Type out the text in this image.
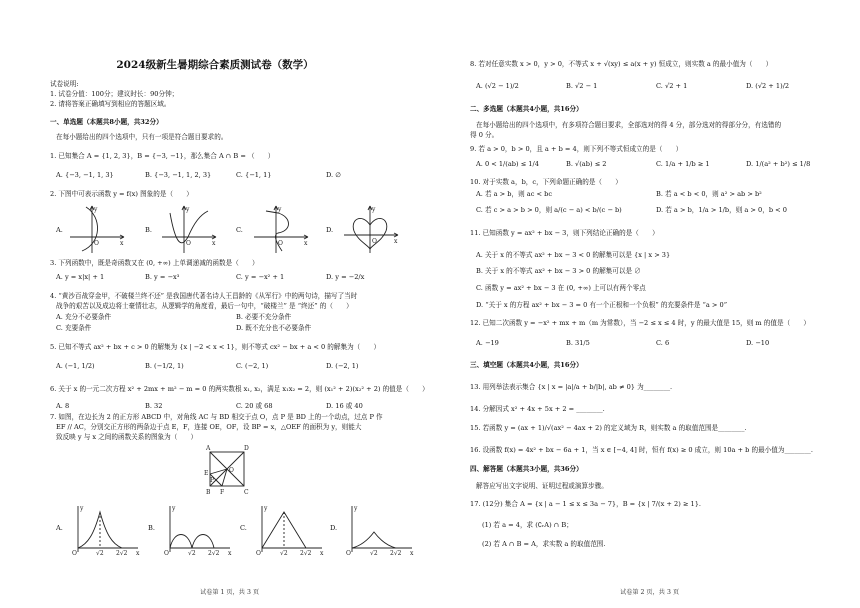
2024级新生暑期综合素质测试卷（数学）
试卷说明:
1. 试卷分值：100分；建议时长：90分钟；
2. 请将答案正确填写到相应的答题区域。
一、单选题（本题共8小题，共32分）
在每小题给出的四个选项中，只有一项是符合题目要求的。
1. 已知集合 A = {1, 2, 3}，B = {−3, −1}，那么集合 A ∩ B = （　　）
A. {−3, −1, 1, 3}	B. {−3, −1, 1, 2, 3}	C. {−1, 1}	D. ∅
2. 下图中可表示函数 y = f(x) 图象的是（　　）
A.	B.	C.	D.
O	x
y
O	x
y
O	x
y
O	x
y
3. 下列函数中，既是奇函数又在 (0, +∞) 上单调递减的函数是（　　）
A. y = x|x| + 1	B. y = −x³	C. y = −x² + 1	D. y = −2/x
4. “黄沙百战穿金甲，不破楼兰终不还” 是我国唐代著名诗人王昌龄的《从军行》中的两句诗，描写了当时
战争的艰苦以及成边将士豪情壮志，从逻辑学的角度看，最后一句中，“破楼兰” 是 “终还” 的（　　）
A. 充分不必要条件	B. 必要不充分条件
C. 充要条件	D. 既不充分也不必要条件
5. 已知不等式 ax² + bx + c > 0 的解集为 {x | −2 < x < 1}，则不等式 cx² − bx + a < 0 的解集为（　　）
A. (−1, 1/2)	B. (−1/2, 1)	C. (−2, 1)	D. (−2, 1)
6. 关于 x 的一元二次方程 x² + 2mx + m² − m = 0 的两实数根 x₁, x₂，满足 x₁x₂ = 2，则 (x₁² + 2)(x₂² + 2) 的值是（　　）
A. 8	B. 32	C. 20 或 68	D. 16 或 40
7. 如图，在边长为 2 的正方形 ABCD 中，对角线 AC 与 BD 相交于点 O，点 P 是 BD 上的一个动点，过点 P 作
EF // AC，分别交正方形的两条边于点 E，F，连接 OE，OF，设 BP = x，△OEF 的面积为 y，则能大
致反映 y 与 x 之间的函数关系的图象为（　　）
A	D
O
E
P
B F	C
A.	B.	C.	D.
O	√2 2√2 x
y
O	√2 2√2 x
y
O	√2 2√2 x
y
O	√2 2√2 x
y
试卷第 1 页，共 3 页
8. 若对任意实数 x > 0，y > 0，不等式 x + √(xy) ≤ a(x + y) 恒成立，则实数 a 的最小值为（　　）
A. (√2 − 1)/2	B. √2 − 1	C. √2 + 1	D. (√2 + 1)/2
二、多选题（本题共4小题，共16分）
在每小题给出的四个选项中，有多项符合题目要求，全部选对的得 4 分，部分选对的得部分分，有选错的
得 0 分。
9. 若 a > 0，b > 0，且 a + b = 4，则下列不等式恒成立的是（　　）
A. 0 < 1/(ab) ≤ 1/4	B. √(ab) ≤ 2	C. 1/a + 1/b ≥ 1	D. 1/(a² + b²) ≤ 1/8
10. 对于实数 a，b，c，下列命题正确的是（　　）
A. 若 a > b，则 ac < bc	B. 若 a < b < 0，则 a² > ab > b²
C. 若 c > a > b > 0，则 a/(c − a) < b/(c − b)	D. 若 a > b，1/a > 1/b，则 a > 0，b < 0
11. 已知函数 y = ax² + bx − 3，则下列结论正确的是（　　）
A. 关于 x 的不等式 ax² + bx − 3 < 0 的解集可以是 {x | x > 3}
B. 关于 x 的不等式 ax² + bx − 3 > 0 的解集可以是 ∅
C. 函数 y = ax² + bx − 3 在 (0, +∞) 上可以有两个零点
D. “关于 x 的方程 ax² + bx − 3 = 0 有一个正根和一个负根” 的充要条件是 “a > 0”
12. 已知二次函数 y = −x² + mx + m（m 为常数），当 −2 ≤ x ≤ 4 时，y 的最大值是 15，则 m 的值是（　　）
A. −19	B. 31/5	C. 6	D. −10
三、填空题（本题共4小题，共16分）
13. 用列举法表示集合 {x | x = |a|/a + b/|b|, ab ≠ 0} 为________.
14. 分解因式 x² + 4x + 5x + 2 = ________.
15. 若函数 y = (ax + 1)/√(ax² − 4ax + 2) 的定义域为 R，则实数 a 的取值范围是________.
16. 设函数 f(x) = 4x² + bx − 6a + 1，当 x ∈ [−4, 4] 时，恒有 f(x) ≥ 0 成立，则 10a + b 的最小值为________.
四、解答题（本题共3小题，共36分）
解答应写出文字说明、证明过程或演算步骤。
17. (12分) 集合 A = {x | a − 1 ≤ x ≤ 3a − 7}，B = {x | 7/(x + 2) ≥ 1}.
(1) 若 a = 4，求 (∁ᵣA) ∩ B；
(2) 若 A ∩ B = A，求实数 a 的取值范围.
试卷第 2 页，共 3 页
